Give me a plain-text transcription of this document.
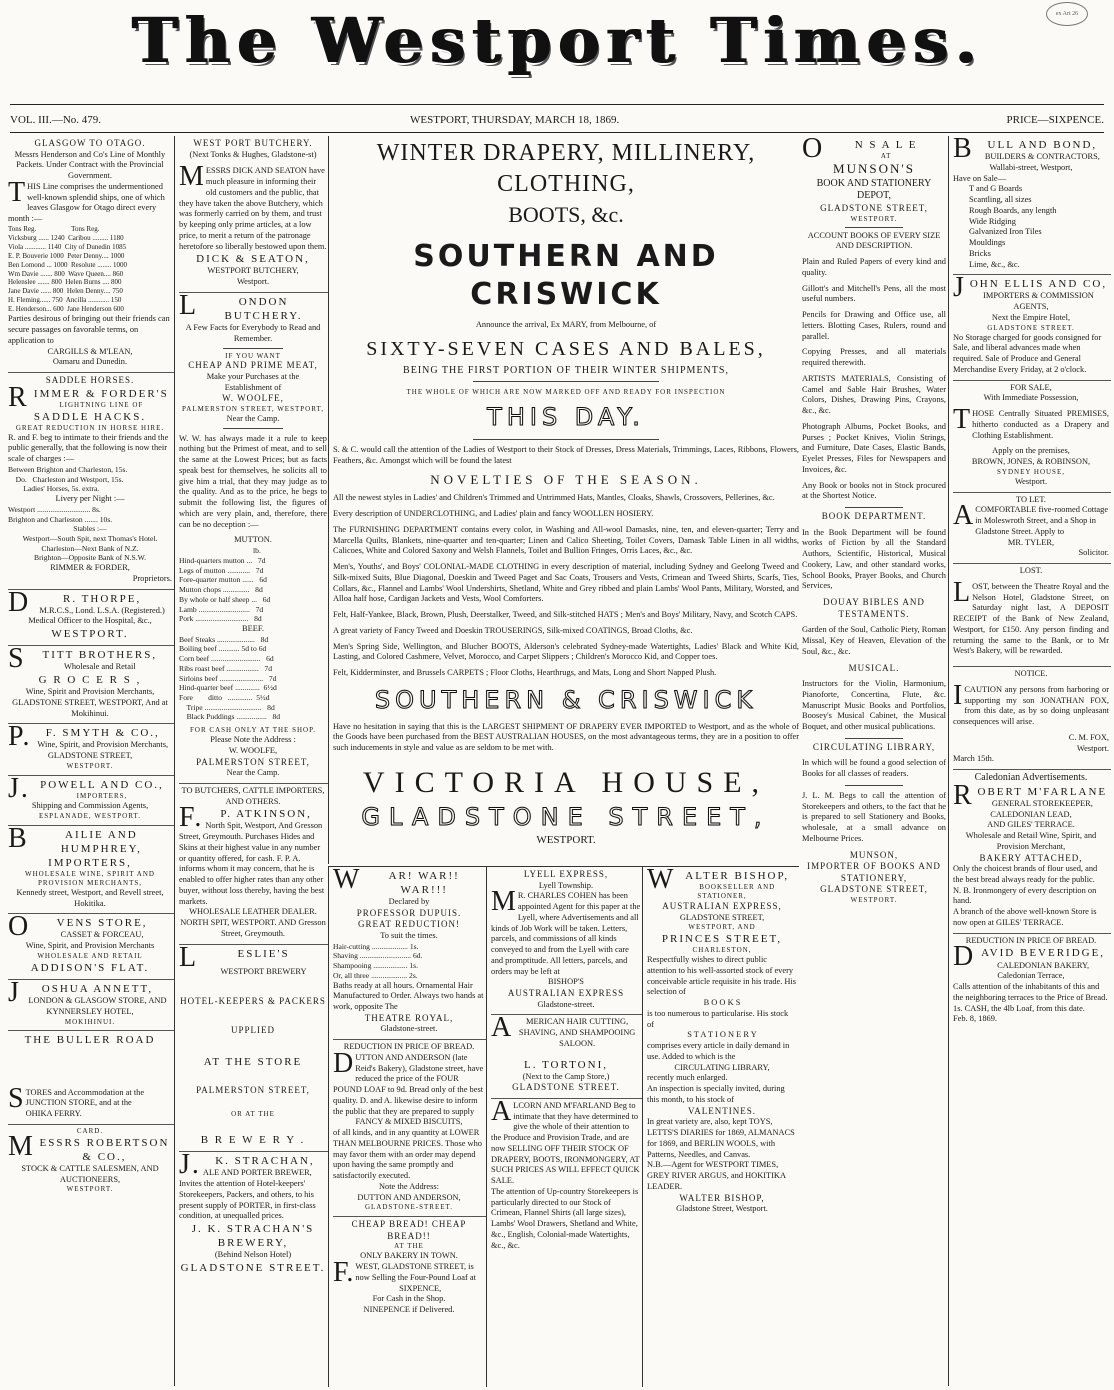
The Westport Times.	ex Art 26
VOL. III.—No. 479.	WESTPORT, THURSDAY, MARCH 18, 1869.	PRICE—SIXPENCE.
GLASGOW TO OTAGO.
Messrs Henderson and Co's Line of Monthly Packets. Under Contract with the Provincial Government.
THIS Line comprises the undermentioned well-known splendid ships, one of which leaves Glasgow for Otago direct every month :—
Tons Reg.                    Tons Reg.
Vicksburg ...... 1240  Caribou ......... 1180
Viola ............ 1140  City of Dunedin 1085
E. P. Bouverie 1000  Peter Denny.... 1000
Ben Lomond ... 1000  Resolute ........ 1000
Wm Davie ....... 800  Wave Queen.... 860
Helenslee ....... 800  Helen Burns .... 800
Jane Davie ...... 800  Helen Denny.... 750
H. Fleming...... 750  Ancilla ............ 150
E. Henderson... 600  Jane Henderson 600
Parties desirous of bringing out their friends can secure passages on favorable terms, on application to
CARGILLS & M'LEAN,
Oamaru and Dunedin.
SADDLE HORSES.
RIMMER & FORDER'S
LIGHTNING LINE OF
SADDLE HACKS.
GREAT REDUCTION IN HORSE HIRE.
R. and F. beg to intimate to their friends and the public generally, that the following is now their scale of charges :—
Between Brighton and Charleston, 15s.
Do.   Charleston and Westport, 15s.
Ladies' Horses, 5s. extra.
Livery per Night :—
Westport ............................ 8s.
Brighton and Charleston ....... 10s.
Stables :—
Westport—South Spit, next Thomas's Hotel.
Charleston—Next Bank of N.Z.
Brighton—Opposite Bank of N.S.W.
RIMMER & FORDER,
Proprietors.
DR. THORPE,
M.R.C.S., Lond. L.S.A. (Registered.) Medical Officer to the Hospital, &c.,
WESTPORT.
STITT BROTHERS,
Wholesale and Retail
G R O C E R S ,
Wine, Spirit and Provision Merchants, GLADSTONE STREET, WESTPORT, And at Mokihinui.
P.F. SMYTH & CO.,
Wine, Spirit, and Provision Merchants,
GLADSTONE STREET,
WESTPORT.
J.POWELL AND CO.,
IMPORTERS,
Shipping and Commission Agents,
ESPLANADE, WESTPORT.
BAILIE AND HUMPHREY, IMPORTERS,
WHOLESALE WINE, SPIRIT AND PROVISION MERCHANTS,
Kennedy street, Westport, and Revell street, Hokitika.
OVENS STORE,
CASSET & FORCEAU,
Wine, Spirit, and Provision Merchants
WHOLESALE AND RETAIL
ADDISON'S FLAT.
JOSHUA ANNETT,
LONDON & GLASGOW STORE, AND KYNNERSLEY HOTEL,
MOKIHINUI.
THE BULLER ROAD
STORES and Accommodation at the JUNCTION STORE, and at the
OHIKA FERRY.
CARD.
MESSRS ROBERTSON & CO.,
STOCK & CATTLE SALESMEN, AND AUCTIONEERS,
WESTPORT.
WEST PORT BUTCHERY.
(Next Tonks & Hughes, Gladstone-st)
MESSRS DICK AND SEATON have much pleasure in informing their old customers and the public, that they have taken the above Butchery, which was formerly carried on by them, and trust by keeping only prime articles, at a low price, to merit a return of the patronage heretofore so liberally bestowed upon them.
DICK & SEATON,
WESTPORT BUTCHERY,
Westport.
LONDON BUTCHERY.
A Few Facts for Everybody to Read and Remember.
IF YOU WANT
CHEAP AND PRIME MEAT,
Make your Purchases at the
Establishment of
W. WOOLFE,
PALMERSTON STREET, WESTPORT,
Near the Camp.
W. W. has always made it a rule to keep nothing but the Primest of meat, and to sell the same at the Lowest Prices; but as facts speak best for themselves, he solicits all to give him a trial, that they may judge as to the quality. And as to the price, he begs to submit the following list, the figures of which are very plain, and, therefore, there can be no deception :—
MUTTON.
lb.
Hind-quarters mutton ...   7d
Legs of mutton ............   7d
Fore-quarter mutton ......   6d
Mutton chops ..............   8d
By whole or half sheep ...   6d
Lamb ...........................   7d
Pork ............................   8d
BEEF.
Beef Steaks ....................   8d
Boiling beef ........... 5d to 6d
Corn beef ..........................   6d
Ribs roast beef .................   7d
Sirloins beef .......................   7d
Hind-quarter beef .............  6½d
Fore        ditto   .............  5½d
Tripe ..............................   8d
Black Puddings ................   8d
FOR CASH ONLY AT THE SHOP.
Please Note the Address :
W. WOOLFE,
PALMERSTON STREET,
Near the Camp.
TO BUTCHERS, CATTLE IMPORTERS, AND OTHERS.
F.P. ATKINSON,
North Spit, Westport, And Gresson Street, Greymouth. Purchases Hides and Skins at their highest value in any number or quantity offered, for cash. F. P. A. informs whom it may concern, that he is enabled to offer higher rates than any other buyer, without loss thereby, having the best markets.
WHOLESALE LEATHER DEALER.
NORTH SPIT, WESTPORT. AND Gresson Street, Greymouth.
LESLIE'S
WESTPORT BREWERY
HOTEL-KEEPERS & PACKERS
UPPLIED
AT THE STORE
PALMERSTON STREET,
OR AT THE
B R E W E R Y .
J.K. STRACHAN,
ALE AND PORTER BREWER, Invites the attention of Hotel-keepers' Storekeepers, Packers, and others, to his present supply of PORTER, in first-class condition, at unequalled prices.
J. K. STRACHAN'S BREWERY,
(Behind Nelson Hotel)
GLADSTONE STREET.
WINTER DRAPERY, MILLINERY, CLOTHING,
BOOTS, &c.
SOUTHERN AND CRISWICK
Announce the arrival, Ex MARY, from Melbourne, of
SIXTY-SEVEN CASES AND BALES,
BEING THE FIRST PORTION OF THEIR WINTER SHIPMENTS,
THE WHOLE OF WHICH ARE NOW MARKED OFF AND READY FOR INSPECTION
THIS DAY.
S. & C. would call the attention of the Ladies of Westport to their Stock of Dresses, Dress Materials, Trimmings, Laces, Ribbons, Flowers, Feathers, &c. Amongst which will be found the latest
NOVELTIES OF THE SEASON.
All the newest styles in Ladies' and Children's Trimmed and Untrimmed Hats, Mantles, Cloaks, Shawls, Crossovers, Pellerines, &c.
Every description of UNDERCLOTHING, and Ladies' plain and fancy WOOLLEN HOSIERY.
The FURNISHING DEPARTMENT contains every color, in Washing and All-wool Damasks, nine, ten, and eleven-quarter; Terry and Marcella Quilts, Blankets, nine-quarter and ten-quarter; Linen and Calico Sheeting, Toilet Covers, Damask Table Linen in all widths, Calicoes, White and Colored Saxony and Welsh Flannels, Toilet and Bullion Fringes, Orris Laces, &c., &c.
Men's, Youths', and Boys' COLONIAL-MADE CLOTHING in every description of material, including Sydney and Geelong Tweed and Silk-mixed Suits, Blue Diagonal, Doeskin and Tweed Paget and Sac Coats, Trousers and Vests, Crimean and Tweed Shirts, Scarfs, Ties, Collars, &c., Flannel and Lambs' Wool Undershirts, Shetland, White and Grey ribbed and plain Lambs' Wool Pants, Military, Worsted, and Alloa half hose, Cardigan Jackets and Vests, Wool Comforters.
Felt, Half-Yankee, Black, Brown, Plush, Deerstalker, Tweed, and Silk-stitched HATS ; Men's and Boys' Military, Navy, and Scotch CAPS.
A great variety of Fancy Tweed and Doeskin TROUSERINGS, Silk-mixed COATINGS, Broad Cloths, &c.
Men's Spring Side, Wellington, and Blucher BOOTS, Alderson's celebrated Sydney-made Watertights, Ladies' Black and White Kid, Lasting, and Colored Cashmere, Velvet, Morocco, and Carpet Slippers ; Children's Morocco Kid, and Copper toes.
Felt, Kidderminster, and Brussels CARPETS ; Floor Cloths, Hearthrugs, and Mats, Long and Short Napped Plush.
SOUTHERN & CRISWICK
Have no hesitation in saying that this is the LARGEST SHIPMENT OF DRAPERY EVER IMPORTED to Westport, and as the whole of the Goods have been purchased from the BEST AUSTRALIAN HOUSES, on the most advantageous terms, they are in a position to offer such inducements in style and value as are seldom to be met with.
VICTORIA HOUSE,
GLADSTONE STREET,
WESTPORT.
WAR! WAR!! WAR!!!
Declared by
PROFESSOR DUPUIS.
GREAT REDUCTION!
To suit the times.
Hair-cutting ................... 1s.
Shaving ........................... 6d.
Shampooing .................. 1s.
Or, all three ................... 2s.
Baths ready at all hours. Ornamental Hair Manufactured to Order. Always two hands at work, opposite The
THEATRE ROYAL,
Gladstone-street.
REDUCTION IN PRICE OF BREAD.
DUTTON AND ANDERSON (late Reid's Bakery), Gladstone street, have reduced the price of the FOUR POUND LOAF to 9d. Bread only of the best quality. D. and A. likewise desire to inform the public that they are prepared to supply
FANCY & MIXED BISCUITS,
of all kinds, and in any quantity at LOWER THAN MELBOURNE PRICES. Those who may favor them with an order may depend upon having the same promptly and satisfactorily executed.
Note the Address:
DUTTON AND ANDERSON,
GLADSTONE-STREET.
CHEAP BREAD! CHEAP BREAD!!
AT THE
ONLY BAKERY IN TOWN.
F.WEST, GLADSTONE STREET, is now Selling the Four-Pound Loaf at
SIXPENCE,
For Cash in the Shop.
NINEPENCE if Delivered.
LYELL EXPRESS,
Lyell Township.
MR. CHARLES COHEN has been appointed Agent for this paper at the Lyell, where Advertisements and all kinds of Job Work will be taken. Letters, parcels, and commissions of all kinds conveyed to and from the Lyell with care and promptitude. All letters, parcels, and orders may be left at
BISHOP'S
AUSTRALIAN EXPRESS
Gladstone-street.
AMERICAN HAIR CUTTING, SHAVING, AND SHAMPOOING
SALOON.
L. TORTONI,
(Next to the Camp Store,)
GLADSTONE STREET.
ALCORN AND M'FARLAND Beg to intimate that they have determined to give the whole of their attention to the Produce and Provision Trade, and are now SELLING OFF THEIR STOCK OF DRAPERY, BOOTS, IRONMONGERY, AT SUCH PRICES AS WILL EFFECT QUICK SALE.
The attention of Up-country Storekeepers is particularly directed to our Stock of Crimean, Flannel Shirts (all large sizes), Lambs' Wool Drawers, Shetland and White, &c., English, Colonial-made Watertights, &c., &c.
WALTER BISHOP,
BOOKSELLER AND STATIONER,
AUSTRALIAN EXPRESS,
GLADSTONE STREET,
WESTPORT, AND
PRINCES STREET,
CHARLESTON,
Respectfully wishes to direct public attention to his well-assorted stock of every conceivable article requisite in his trade. His selection of
B O O K S
is too numerous to particularise. His stock of
S T A T I O N E R Y
comprises every article in daily demand in use. Added to which is the
CIRCULATING LIBRARY,
recently much enlarged.
An inspection is specially invited, during this month, to his stock of
VALENTINES.
In great variety are, also, kept TOYS, LETTS'S DIARIES for 1869, ALMANACS for 1869, and BERLIN WOOLS, with Patterns, Needles, and Canvas.
N.B.—Agent for WESTPORT TIMES, GREY RIVER ARGUS, and HOKITIKA LEADER.
WALTER BISHOP,
Gladstone Street, Westport.
ON S A L E
AT
MUNSON'S
BOOK AND STATIONERY
DEPOT,
GLADSTONE STREET,
WESTPORT.
ACCOUNT BOOKS OF EVERY SIZE AND DESCRIPTION.
Plain and Ruled Papers of every kind and quality.
Gillott's and Mitchell's Pens, all the most useful numbers.
Pencils for Drawing and Office use, all letters. Blotting Cases, Rulers, round and parallel.
Copying Presses, and all materials required therewith.
ARTISTS MATERIALS, Consisting of Camel and Sable Hair Brushes, Water Colors, Dishes, Drawing Pins, Crayons, &c., &c.
Photograph Albums, Pocket Books, and Purses ; Pocket Knives, Violin Strings, and Furniture, Date Cases, Elastic Bands, Eyelet Presses, Files for Newspapers and Invoices, &c.
Any Book or books not in Stock procured at the Shortest Notice.
BOOK DEPARTMENT.
In the Book Department will be found works of Fiction by all the Standard Authors, Scientific, Historical, Musical Cookery, Law, and other standard works, School Books, Prayer Books, and Church Services,
DOUAY BIBLES AND TESTAMENTS.
Garden of the Soul, Catholic Piety, Roman Missal, Key of Heaven, Elevation of the Soul, &c., &c.
MUSICAL.
Instructors for the Violin, Harmonium, Pianoforte, Concertina, Flute, &c. Manuscript Music Books and Portfolios, Boosey's Musical Cabinet, the Musical Boquet, and other musical publications.
CIRCULATING LIBRARY,
In which will be found a good selection of Books for all classes of readers.
J. L. M. Begs to call the attention of Storekeepers and others, to the fact that he is prepared to sell Stationery and Books, wholesale, at a small advance on Melbourne Prices.
MUNSON,
IMPORTER OF BOOKS AND STATIONERY,
GLADSTONE STREET,
WESTPORT.
BULL AND BOND,
BUILDERS & CONTRACTORS,
Wallabi-street, Westport,
Have on Sale—
T and G Boards
Scantling, all sizes
Rough Boards, any length
Wide Ridging
Galvanized Iron Tiles
Mouldings
Bricks
Lime, &c., &c.
JOHN ELLIS AND CO,
IMPORTERS & COMMISSION AGENTS,
Next the Empire Hotel,
GLADSTONE STREET.
No Storage charged for goods consigned for Sale, and liberal advances made when required. Sale of Produce and General Merchandise Every Friday, at 2 o'clock.
FOR SALE,
With Immediate Possession,
THOSE Centrally Situated PREMISES, hitherto conducted as a Drapery and Clothing Establishment.
Apply on the premises,
BROWN, JONES, & ROBINSON,
SYDNEY HOUSE,
Westport.
TO LET.
ACOMFORTABLE five-roomed Cottage in Moleswroth Street, and a Shop in Gladstone Street. Apply to
MR. TYLER,
Solicitor.
LOST.
LOST, between the Theatre Royal and the Nelson Hotel, Gladstone Street, on Saturday night last, A DEPOSIT RECEIPT of the Bank of New Zealand, Westport, for £150. Any person finding and returning the same to the Bank, or to Mr West's Bakery, will be rewarded.
NOTICE.
ICAUTION any persons from harboring or supporting my son JONATHAN FOX, from this date, as by so doing unpleasant consequences will arise.
C. M. FOX,
Westport.
March 15th.
Caledonian Advertisements.
ROBERT M'FARLANE
GENERAL STOREKEEPER,
CALEDONIAN LEAD,
AND GILES' TERRACE.
Wholesale and Retail Wine, Spirit, and Provision Merchant,
BAKERY ATTACHED,
Only the choicest brands of flour used, and the best bread always ready for the public.
N. B. Ironmongery of every description on hand.
A branch of the above well-known Store is now open at GILES' TERRACE.
REDUCTION IN PRICE OF BREAD.
DAVID BEVERIDGE,
CALEDONIAN BAKERY,
Caledonian Terrace,
Calls attention of the inhabitants of this and the neighboring terraces to the Price of Bread.
1s. CASH, the 4lb Loaf, from this date.
Feb. 8, 1869.
